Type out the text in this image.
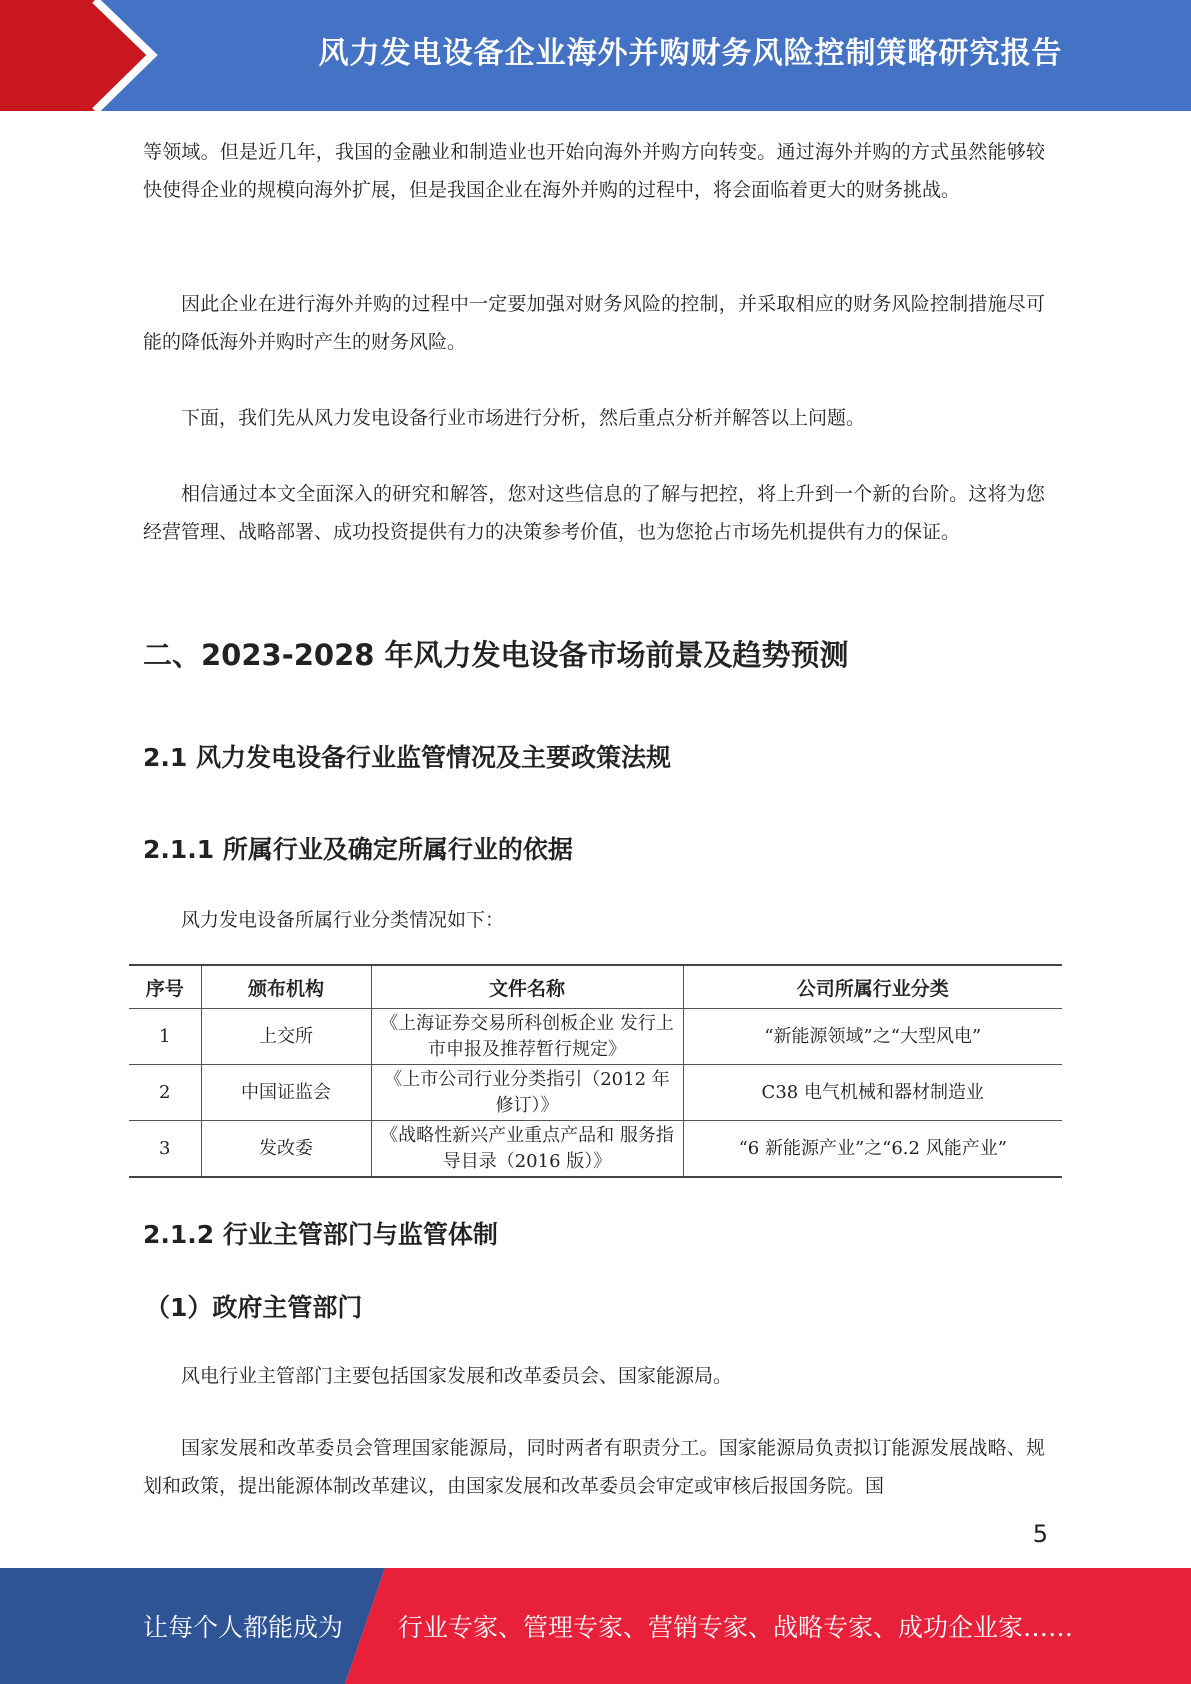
风力发电设备企业海外并购财务风险控制策略研究报告

等领域。但是近几年，我国的金融业和制造业也开始向海外并购方向转变。通过海外并购的方式虽然能够较快使得企业的规模向海外扩展，但是我国企业在海外并购的过程中，将会面临着更大的财务挑战。

因此企业在进行海外并购的过程中一定要加强对财务风险的控制，并采取相应的财务风险控制措施尽可能的降低海外并购时产生的财务风险。

下面，我们先从风力发电设备行业市场进行分析，然后重点分析并解答以上问题。

相信通过本文全面深入的研究和解答，您对这些信息的了解与把控，将上升到一个新的台阶。这将为您经营管理、战略部署、成功投资提供有力的决策参考价值，也为您抢占市场先机提供有力的保证。

二、2023-2028 年风力发电设备市场前景及趋势预测
2.1 风力发电设备行业监管情况及主要政策法规
2.1.1 所属行业及确定所属行业的依据

风力发电设备所属行业分类情况如下：

序号	颁布机构	文件名称	公司所属行业分类
1	上交所	《上海证券交易所科创板企业 发行上市申报及推荐暂行规定》	“新能源领域”之“大型风电”
2	中国证监会	《上市公司行业分类指引（2012 年修订）》	C38 电气机械和器材制造业
3	发改委	《战略性新兴产业重点产品和 服务指导目录（2016 版）》	“6 新能源产业”之“6.2 风能产业”
2.1.2 行业主管部门与监管体制
（1）政府主管部门

风电行业主管部门主要包括国家发展和改革委员会、国家能源局。

国家发展和改革委员会管理国家能源局，同时两者有职责分工。国家能源局负责拟订能源发展战略、规划和政策，提出能源体制改革建议，由国家发展和改革委员会审定或审核后报国务院。国

5
让每个人都能成为 行业专家、管理专家、营销专家、战略专家、成功企业家……
